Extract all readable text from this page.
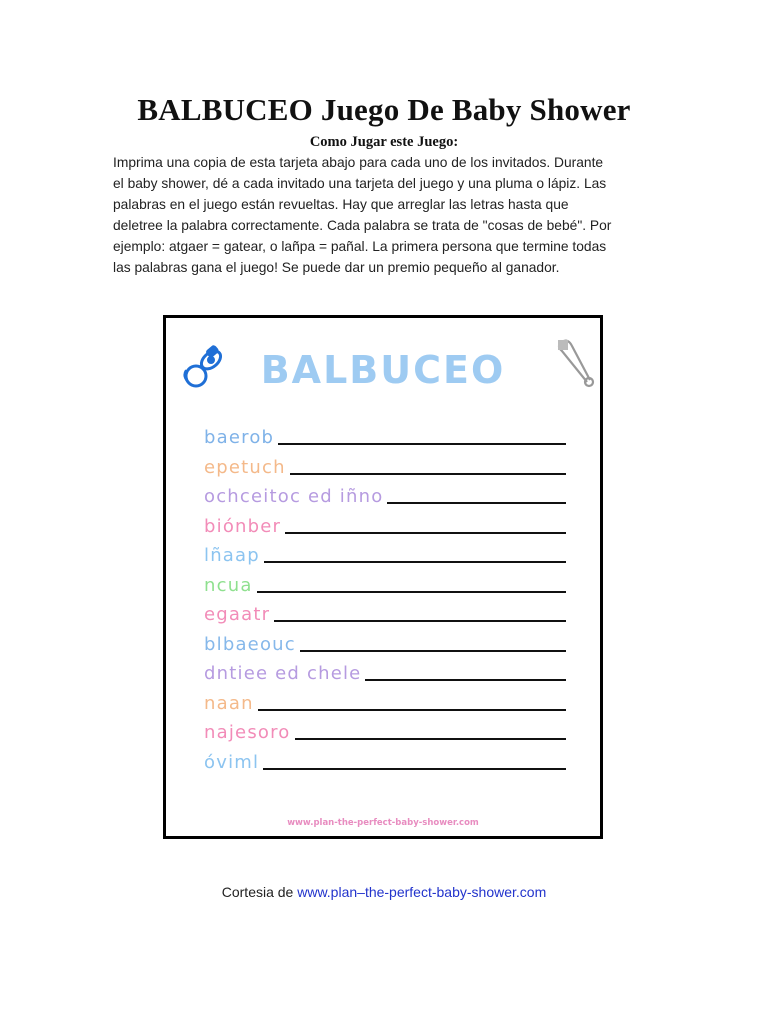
BALBUCEO Juego De Baby Shower
Como Jugar este Juego:
Imprima una copia de esta tarjeta abajo para cada uno de los invitados. Durante
el baby shower, dé a cada invitado una tarjeta del juego y una pluma o lápiz. Las
palabras en el juego están revueltas. Hay que arreglar las letras hasta que
deletree la palabra correctamente. Cada palabra se trata de "cosas de bebé". Por
ejemplo: atgaer = gatear, o lañpa = pañal. La primera persona que termine todas
las palabras gana el juego! Se puede dar un premio pequeño al ganador.
BALBUCEO
baerob
epetuch
ochceitoc ed iñno
biónber
lñaap
ncua
egaatr
blbaeouc
dntiee ed chele
naan
najesoro
óviml
www.plan-the-perfect-baby-shower.com
Cortesia de www.plan–the-perfect-baby-shower.com
